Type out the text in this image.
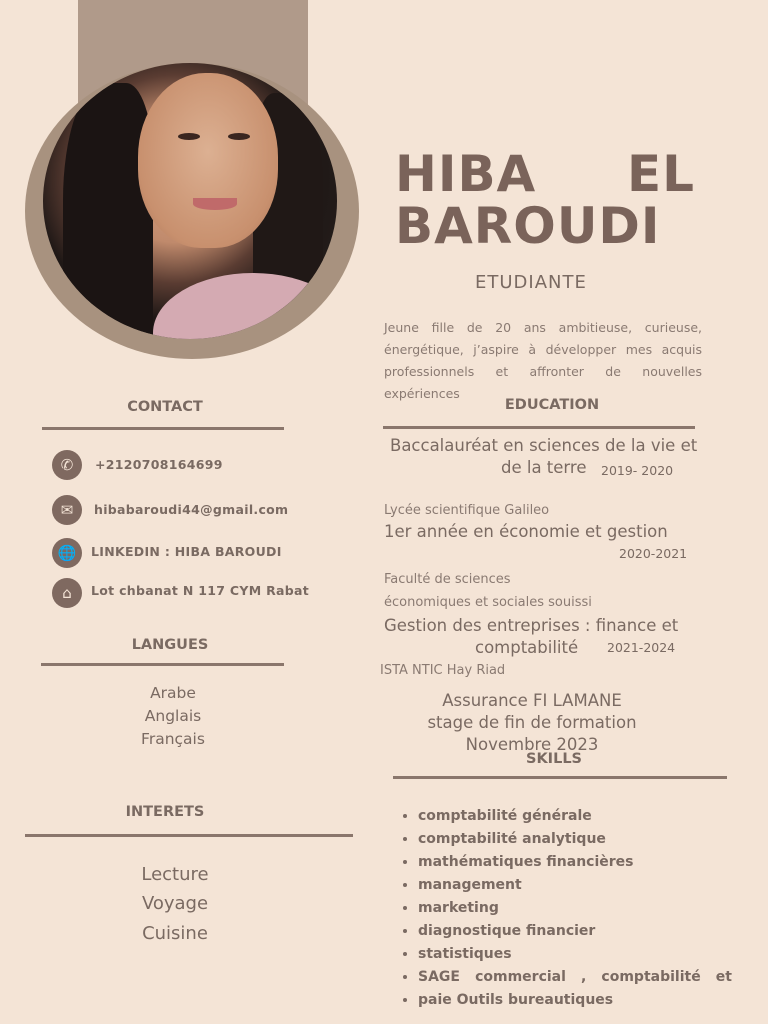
HIBA EL
BAROUDI
ETUDIANTE
Jeune fille de 20 ans ambitieuse, curieuse, énergétique, j’aspire à développer mes acquis professionnels et affronter de nouvelles expériences
CONTACT
✆	+2120708164699
✉	hibabaroudi44@gmail.com
🌐	LINKEDIN : HIBA BAROUDI
⌂	Lot chbanat N 117 CYM Rabat
LANGUES
Arabe
Anglais
Français
INTERETS
Lecture
Voyage
Cuisine
EDUCATION
Baccalauréat en sciences de la vie et
de la terre 2019- 2020
Lycée scientifique Galileo
1er année en économie et gestion
2020-2021
Faculté de sciences
économiques et sociales souissi
Gestion des entreprises : finance et
comptabilité 2021-2024
ISTA NTIC Hay Riad
Assurance FI LAMANE
stage de fin de formation
Novembre 2023
SKILLS
• comptabilité générale
• comptabilité analytique
• mathématiques financières
• management
• marketing
• diagnostique financier
• statistiques
• SAGE commercial , comptabilité et
• paie Outils bureautiques
